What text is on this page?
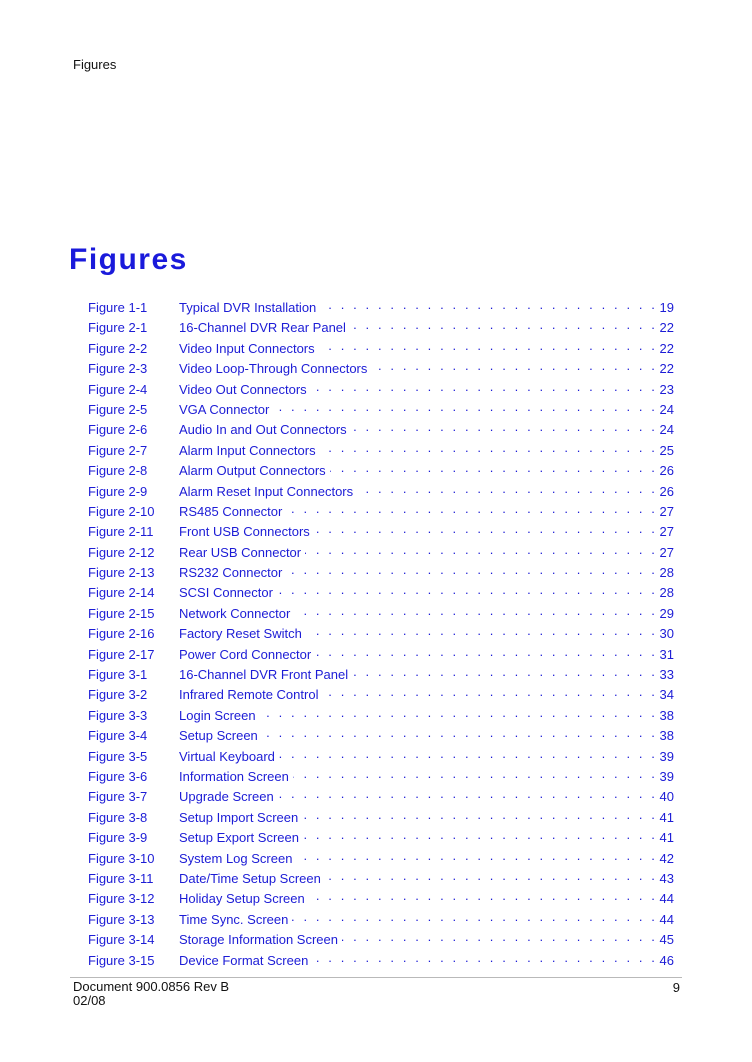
Figures
Figures
Figure 1-1	Typical DVR Installation . . .	19
Figure 2-1	16-Channel DVR Rear Panel . . .	22
Figure 2-2	Video Input Connectors . . .	22
Figure 2-3	Video Loop-Through Connectors . . .	22
Figure 2-4	Video Out Connectors . . .	23
Figure 2-5	VGA Connector . . .	24
Figure 2-6	Audio In and Out Connectors . . .	24
Figure 2-7	Alarm Input Connectors . . .	25
Figure 2-8	Alarm Output Connectors . . .	26
Figure 2-9	Alarm Reset Input Connectors . . .	26
Figure 2-10	RS485 Connector . . .	27
Figure 2-11	Front USB Connectors . . .	27
Figure 2-12	Rear USB Connector . . .	27
Figure 2-13	RS232 Connector . . .	28
Figure 2-14	SCSI Connector . . .	28
Figure 2-15	Network Connector . . .	29
Figure 2-16	Factory Reset Switch . . .	30
Figure 2-17	Power Cord Connector . . .	31
Figure 3-1	16-Channel DVR Front Panel . . .	33
Figure 3-2	Infrared Remote Control . . .	34
Figure 3-3	Login Screen . . .	38
Figure 3-4	Setup Screen . . .	38
Figure 3-5	Virtual Keyboard . . .	39
Figure 3-6	Information Screen . . .	39
Figure 3-7	Upgrade Screen . . .	40
Figure 3-8	Setup Import Screen . . .	41
Figure 3-9	Setup Export Screen . . .	41
Figure 3-10	System Log Screen . . .	42
Figure 3-11	Date/Time Setup Screen . . .	43
Figure 3-12	Holiday Setup Screen . . .	44
Figure 3-13	Time Sync. Screen . . .	44
Figure 3-14	Storage Information Screen . . .	45
Figure 3-15	Device Format Screen . . .	46
Document 900.0856 Rev B
02/08
9
